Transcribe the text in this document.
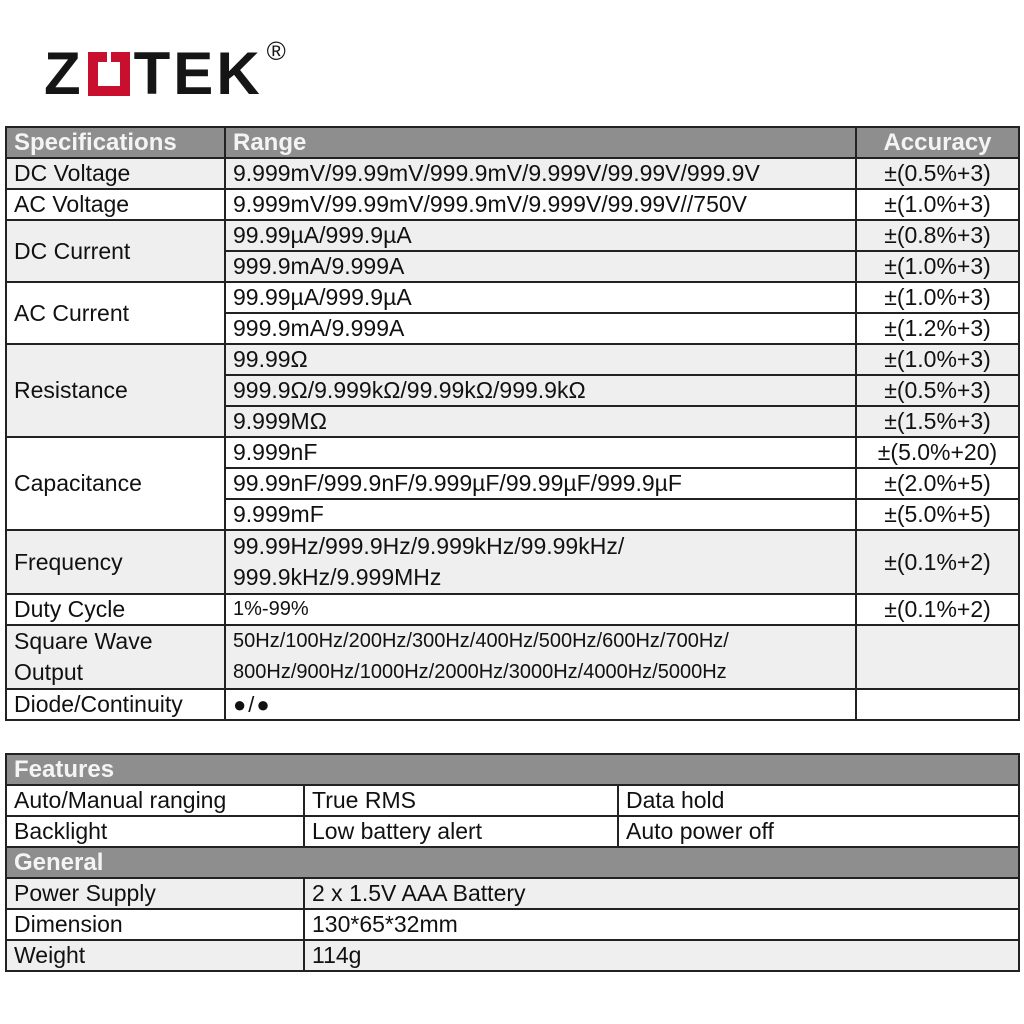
Z TEK ®
Specifications	Range	Accuracy
DC Voltage	9.999mV/99.99mV/999.9mV/9.999V/99.99V/999.9V	±(0.5%+3)
AC Voltage	9.999mV/99.99mV/999.9mV/9.999V/99.99V//750V	±(1.0%+3)
DC Current	99.99µA/999.9µA	±(0.8%+3)
	999.9mA/9.999A	±(1.0%+3)
AC Current	99.99µA/999.9µA	±(1.0%+3)
	999.9mA/9.999A	±(1.2%+3)
Resistance	99.99Ω	±(1.0%+3)
	999.9Ω/9.999kΩ/99.99kΩ/999.9kΩ	±(0.5%+3)
	9.999MΩ	±(1.5%+3)
Capacitance	9.999nF	±(5.0%+20)
	99.99nF/999.9nF/9.999µF/99.99µF/999.9µF	±(2.0%+5)
	9.999mF	±(5.0%+5)
Frequency	99.99Hz/999.9Hz/9.999kHz/99.99kHz/
999.9kHz/9.999MHz	±(0.1%+2)
Duty Cycle	1%-99%	±(0.1%+2)
Square Wave
Output	50Hz/100Hz/200Hz/300Hz/400Hz/500Hz/600Hz/700Hz/
800Hz/900Hz/1000Hz/2000Hz/3000Hz/4000Hz/5000Hz	
Diode/Continuity	●/●	
Features		
Auto/Manual ranging	True RMS	Data hold
Backlight	Low battery alert	Auto power off
General		
Power Supply	2 x 1.5V AAA Battery	
Dimension	130*65*32mm	
Weight	114g	
